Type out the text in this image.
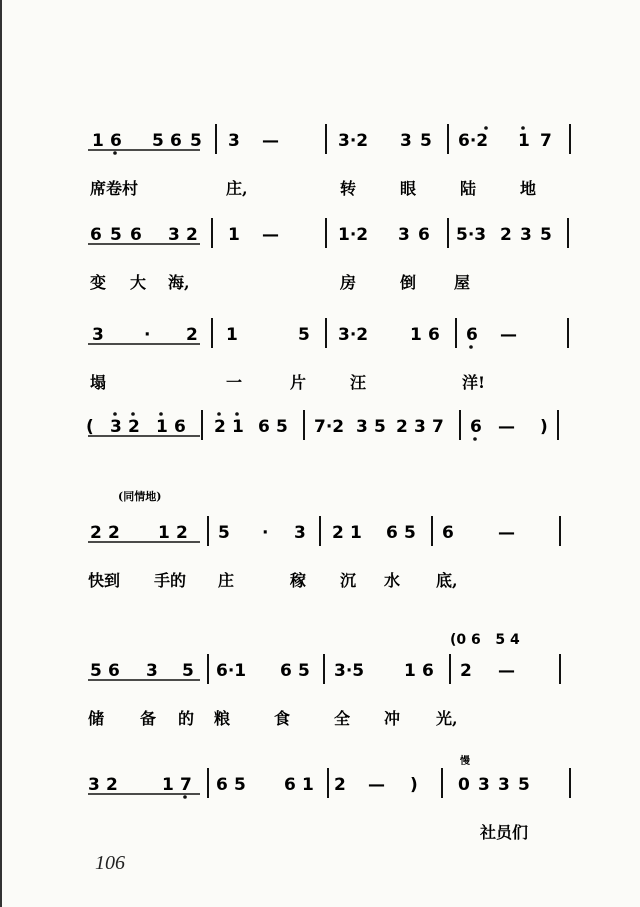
1 6 5 6 5 3 —	3·2 3 5 6·2 1 7
席卷村	庄,	转	眼	陆	地
6 5 6 3 2 1 —	1·2 3 6 5·3 2 3 5
变 大 海,	房	倒 屋
3 · 2 1	5 3·2 1 6 6 —
塌	一	片	汪	洋!
( 3 2 1 6 2 1 6 5 7·2 3 5 2 3 7 6 — )
2 2 1 2 5 · 3 2 1 6 5 6	—
快到 手的 庄	稼 沉 水 底,
5 6 3 5 6·1 6 5 3·5 1 6 2 —
储 备 的 粮	食	全 冲 光,
3 2	1 7 6 5 6 1 2 — ) 0 3 3 5
社员们
(同情地)
慢
(0 6   5 4
106
